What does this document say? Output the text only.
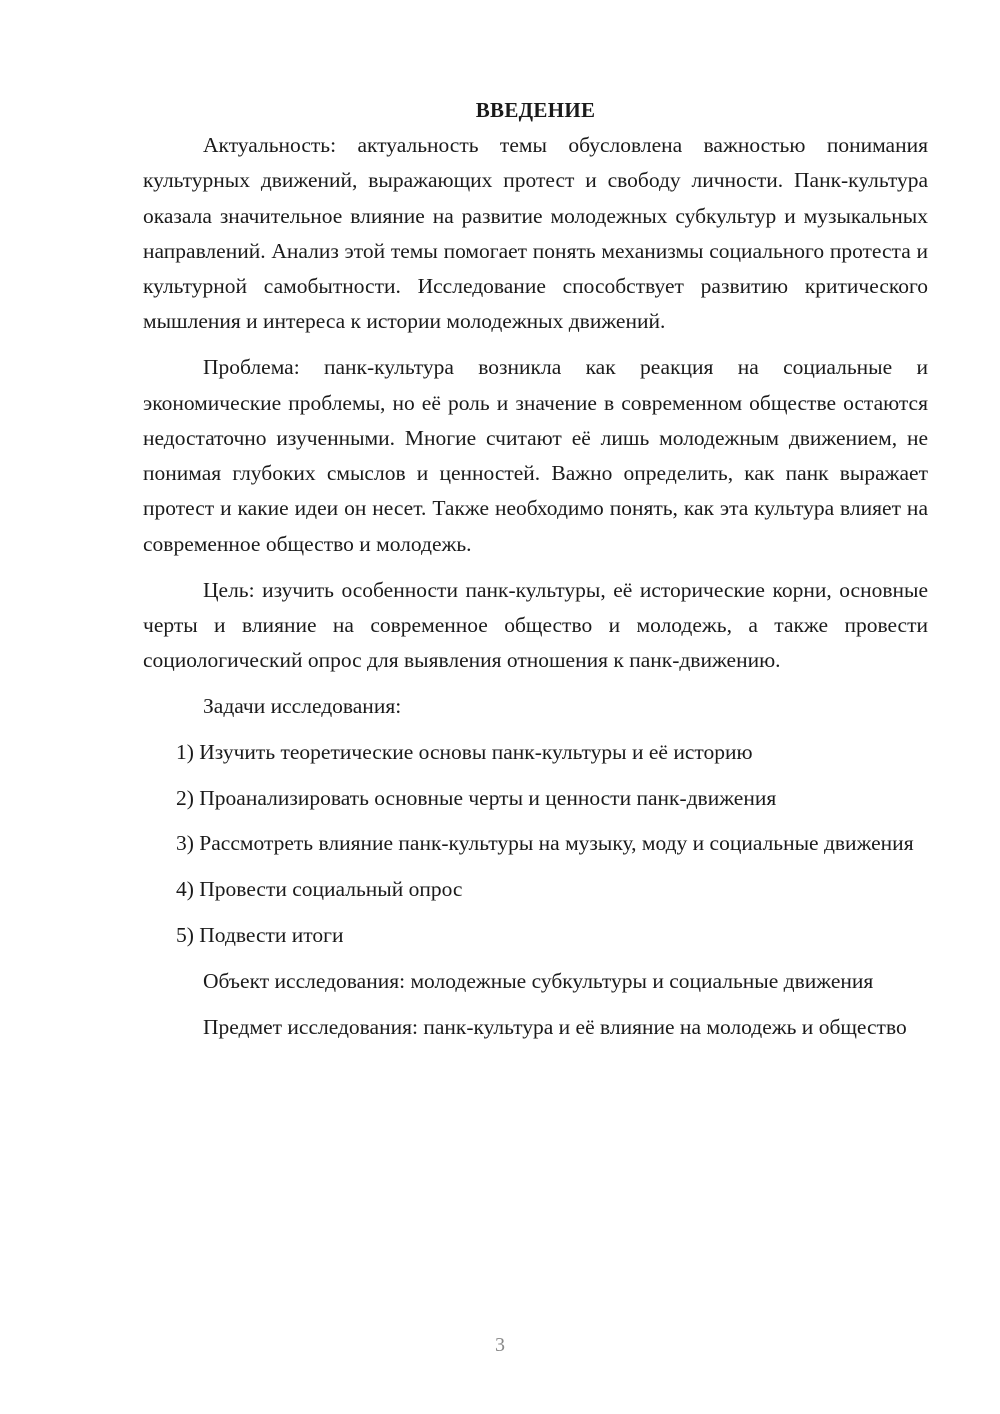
ВВЕДЕНИЕ

Актуальность: актуальность темы обусловлена важностью понимания культурных движений, выражающих протест и свободу личности. Панк-культура оказала значительное влияние на развитие молодежных субкультур и музыкальных направлений. Анализ этой темы помогает понять механизмы социального протеста и культурной самобытности. Исследование способствует развитию критического мышления и интереса к истории молодежных движений.

Проблема: панк-культура возникла как реакция на социальные и экономические проблемы, но её роль и значение в современном обществе остаются недостаточно изученными. Многие считают её лишь молодежным движением, не понимая глубоких смыслов и ценностей. Важно определить, как панк выражает протест и какие идеи он несет. Также необходимо понять, как эта культура влияет на современное общество и молодежь.

Цель: изучить особенности панк-культуры, её исторические корни, основные черты и влияние на современное общество и молодежь, а также провести социологический опрос для выявления отношения к панк-движению.

Задачи исследования:

1) Изучить теоретические основы панк-культуры и её историю

2) Проанализировать основные черты и ценности панк-движения

3) Рассмотреть влияние панк-культуры на музыку, моду и социальные движения

4) Провести социальный опрос

5) Подвести итоги

Объект исследования: молодежные субкультуры и социальные движения

Предмет исследования: панк-культура и её влияние на молодежь и общество

3
